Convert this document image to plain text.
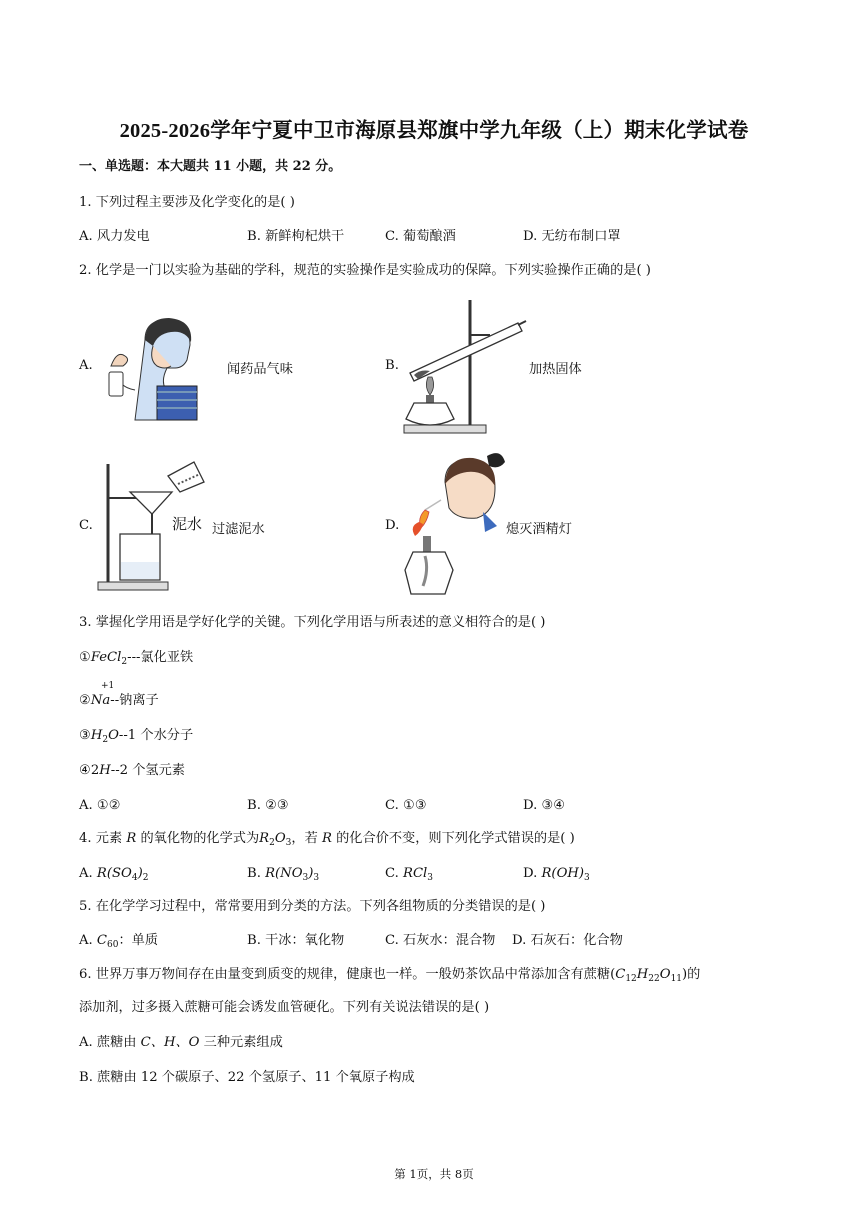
2025-2026学年宁夏中卫市海原县郑旗中学九年级（上）期末化学试卷
一、单选题：本大题共 11 小题，共 22 分。
1. 下列过程主要涉及化学变化的是( )
A. 风力发电	B. 新鲜枸杞烘干	C. 葡萄酿酒	D. 无纺布制口罩
2. 化学是一门以实验为基础的学科，规范的实验操作是实验成功的保障。下列实验操作正确的是( )
A.	闻药品气味	B.	加热固体
C.	泥水 过滤泥水	D.	熄灭酒精灯
3. 掌握化学用语是学好化学的关键。下列化学用语与所表述的意义相符合的是( )
①FeCl$_2$---氯化亚铁
+1
②Na--钠离子
$③H_2O--1$ 个水分子
④2H--2 个氢元素
A. ①②	B. ②③	C. ①③	D. ③④
4. 元素 R 的氧化物的化学式为$R_2O_3$，若 R 的化合价不变，则下列化学式错误的是( )
A. $R(SO_4)_2$	B. $R(NO_3)_3$	C. RCl$_3$	D. $R(OH)_3$
5. 在化学学习过程中，常常要用到分类的方法。下列各组物质的分类错误的是( )
A. $C_{60}$：单质	B. 干冰：氧化物	C. 石灰水：混合物 D. 石灰石：化合物
6. 世界万事万物间存在由量变到质变的规律，健康也一样。一般奶茶饮品中常添加含有蔗糖$(C_{12}H_{22}O_{11})$的
添加剂，过多摄入蔗糖可能会诱发血管硬化。下列有关说法错误的是( )
A. 蔗糖由 C、H、O 三种元素组成
B. 蔗糖由 12 个碳原子、22 个氢原子、11 个氧原子构成
第 1页，共 8页
